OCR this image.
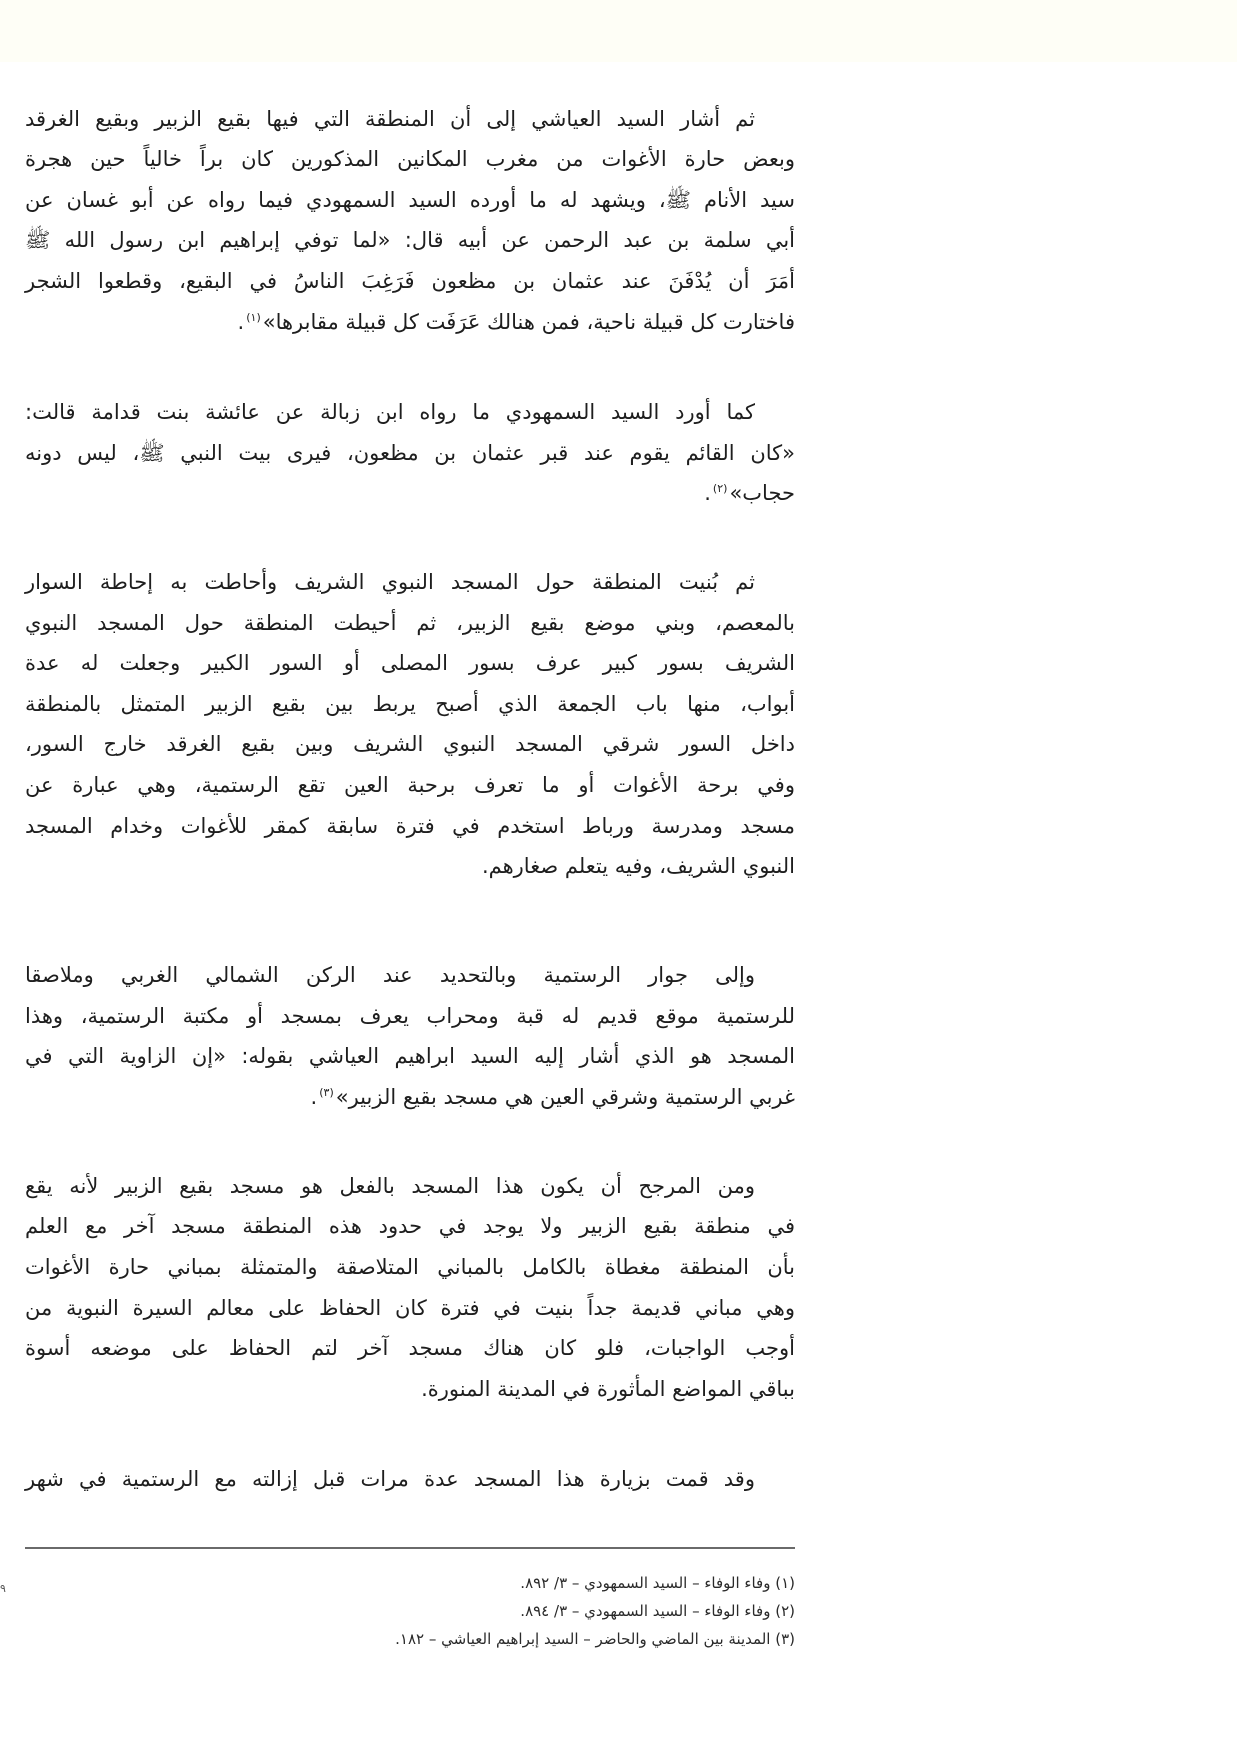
ثم أشار السيد العياشي إلى أن المنطقة التي فيها بقيع الزبير وبقيع الغرقد
وبعض حارة الأغوات من مغرب المكانين المذكورين كان براً خالياً حين هجرة
سيد الأنام ﷺ، ويشهد له ما أورده السيد السمهودي فيما رواه عن أبو غسان عن
أبي سلمة بن عبد الرحمن عن أبيه قال: «لما توفي إبراهيم ابن رسول الله ﷺ
أمَرَ أن يُدْفَنَ عند عثمان بن مظعون فَرَغِبَ الناسُ في البقيع، وقطعوا الشجر
فاختارت كل قبيلة ناحية، فمن هنالك عَرَفَت كل قبيلة مقابرها»$^{(١)}$.
كما أورد السيد السمهودي ما رواه ابن زبالة عن عائشة بنت قدامة قالت:
«كان القائم يقوم عند قبر عثمان بن مظعون، فيرى بيت النبي ﷺ، ليس دونه
حجاب»$^{(٢)}$.
ثم بُنيت المنطقة حول المسجد النبوي الشريف وأحاطت به إحاطة السوار
بالمعصم، وبني موضع بقيع الزبير، ثم أحيطت المنطقة حول المسجد النبوي
الشريف بسور كبير عرف بسور المصلى أو السور الكبير وجعلت له عدة
أبواب، منها باب الجمعة الذي أصبح يربط بين بقيع الزبير المتمثل بالمنطقة
داخل السور شرقي المسجد النبوي الشريف وبين بقيع الغرقد خارج السور،
وفي برحة الأغوات أو ما تعرف برحبة العين تقع الرستمية، وهي عبارة عن
مسجد ومدرسة ورباط استخدم في فترة سابقة كمقر للأغوات وخدام المسجد
النبوي الشريف، وفيه يتعلم صغارهم.
وإلى جوار الرستمية وبالتحديد عند الركن الشمالي الغربي وملاصقا
للرستمية موقع قديم له قبة ومحراب يعرف بمسجد أو مكتبة الرستمية، وهذا
المسجد هو الذي أشار إليه السيد ابراهيم العياشي بقوله: «إن الزاوية التي في
غربي الرستمية وشرقي العين هي مسجد بقيع الزبير»$^{(٣)}$.
ومن المرجح أن يكون هذا المسجد بالفعل هو مسجد بقيع الزبير لأنه يقع
في منطقة بقيع الزبير ولا يوجد في حدود هذه المنطقة مسجد آخر مع العلم
بأن المنطقة مغطاة بالكامل بالمباني المتلاصقة والمتمثلة بمباني حارة الأغوات
وهي مباني قديمة جداً بنيت في فترة كان الحفاظ على معالم السيرة النبوية من
أوجب الواجبات، فلو كان هناك مسجد آخر لتم الحفاظ على موضعه أسوة
بباقي المواضع المأثورة في المدينة المنورة.
وقد قمت بزيارة هذا المسجد عدة مرات قبل إزالته مع الرستمية في شهر
(١) وفاء الوفاء – السيد السمهودي – ٣/ ٨٩٢.
(٢) وفاء الوفاء – السيد السمهودي – ٣/ ٨٩٤.
(٣) المدينة بين الماضي والحاضر – السيد إبراهيم العياشي – ١٨٢.
٩
